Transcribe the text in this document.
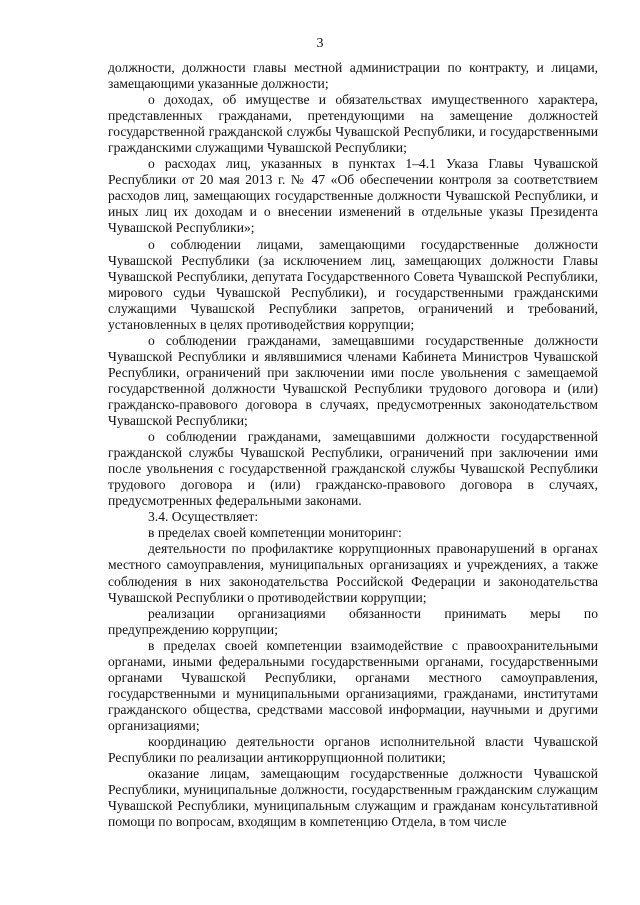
3

должности, должности главы местной администрации по контракту, и лицами, замещающими указанные должности;

о доходах, об имуществе и обязательствах имущественного характера, представленных гражданами, претендующими на замещение должностей государственной гражданской службы Чувашской Республики, и государственными гражданскими служащими Чувашской Республики;

о расходах лиц, указанных в пунктах 1–4.1 Указа Главы Чувашской Республики от 20 мая 2013 г. № 47 «Об обеспечении контроля за соответствием расходов лиц, замещающих государственные должности Чувашской Республики, и иных лиц их доходам и о внесении изменений в отдельные указы Президента Чувашской Республики»;

о соблюдении лицами, замещающими государственные должности Чувашской Республики (за исключением лиц, замещающих должности Главы Чувашской Республики, депутата Государственного Совета Чувашской Республики, мирового судьи Чувашской Республики), и государственными гражданскими служащими Чувашской Республики запретов, ограничений и требований, установленных в целях противодействия коррупции;

о соблюдении гражданами, замещавшими государственные должности Чувашской Республики и являвшимися членами Кабинета Министров Чувашской Республики, ограничений при заключении ими после увольнения с замещаемой государственной должности Чувашской Республики трудового договора и (или) гражданско-правового договора в случаях, предусмотренных законодательством Чувашской Республики;

о соблюдении гражданами, замещавшими должности государственной гражданской службы Чувашской Республики, ограничений при заключении ими после увольнения с государственной гражданской службы Чувашской Республики трудового договора и (или) гражданско-правового договора в случаях, предусмотренных федеральными законами.

3.4. Осуществляет:

в пределах своей компетенции мониторинг:

деятельности по профилактике коррупционных правонарушений в органах местного самоуправления, муниципальных организациях и учреждениях, а также соблюдения в них законодательства Российской Федерации и законодательства Чувашской Республики о противодействии коррупции;

реализации организациями обязанности принимать меры по предупреждению коррупции;

в пределах своей компетенции взаимодействие с правоохранительными органами, иными федеральными государственными органами, государственными органами Чувашской Республики, органами местного самоуправления, государственными и муниципальными организациями, гражданами, институтами гражданского общества, средствами массовой информации, научными и другими организациями;

координацию деятельности органов исполнительной власти Чувашской Республики по реализации антикоррупционной политики;

оказание лицам, замещающим государственные должности Чувашской Республики, муниципальные должности, государственным гражданским служащим Чувашской Республики, муниципальным служащим и гражданам консультативной помощи по вопросам, входящим в компетенцию Отдела, в том числе
